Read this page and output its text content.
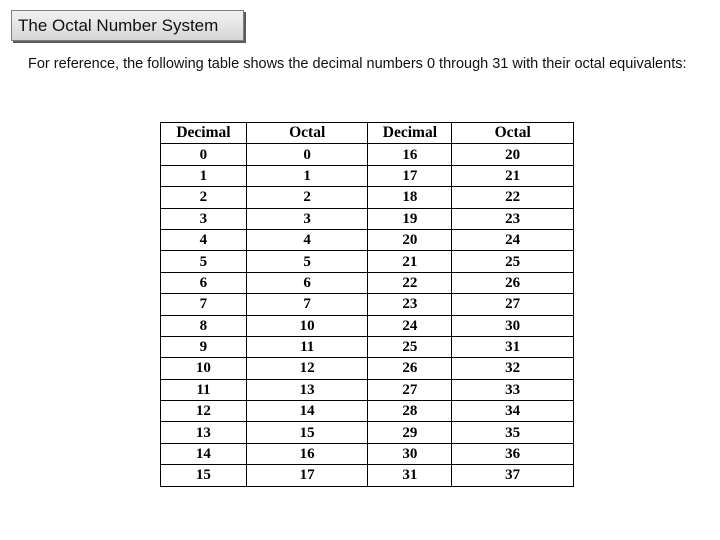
The Octal Number System

For reference, the following table shows the decimal numbers 0 through 31 with their octal equivalents:

Decimal	Octal	Decimal	Octal
0	0	16	20
1	1	17	21
2	2	18	22
3	3	19	23
4	4	20	24
5	5	21	25
6	6	22	26
7	7	23	27
8	10	24	30
9	11	25	31
10	12	26	32
11	13	27	33
12	14	28	34
13	15	29	35
14	16	30	36
15	17	31	37
